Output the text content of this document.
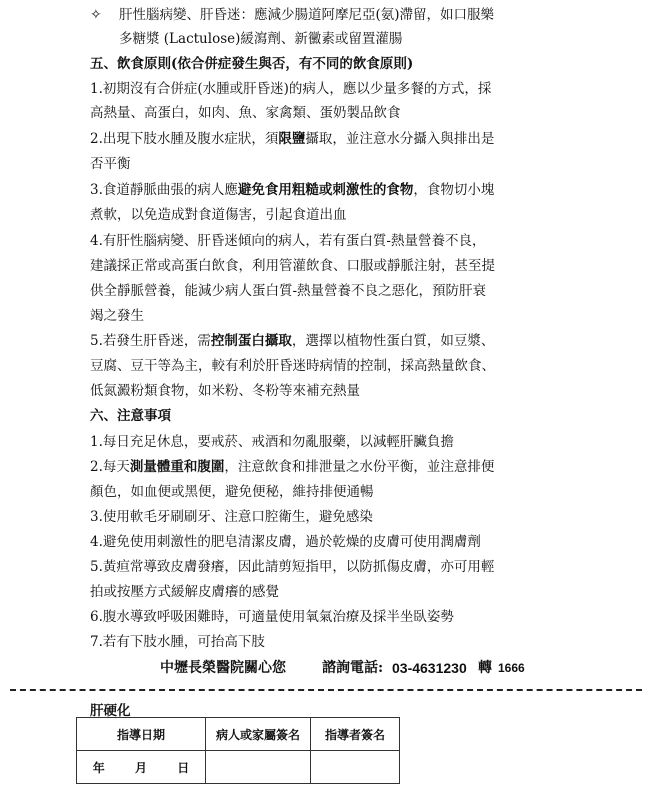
✧ 肝性腦病變、肝昏迷：應減少腸道阿摩尼亞(氨)滯留，如口服樂
多糖漿 (Lactulose)緩瀉劑、新黴素或留置灌腸
五、飲食原則(依合併症發生與否，有不同的飲食原則)
1.初期沒有合併症(水腫或肝昏迷)的病人，應以少量多餐的方式，採
高熱量、高蛋白，如肉、魚、家禽類、蛋奶製品飲食
2.出現下肢水腫及腹水症狀，須限鹽攝取，並注意水分攝入與排出是
否平衡
3.食道靜脈曲張的病人應避免食用粗糙或刺激性的食物，食物切小塊
煮軟，以免造成對食道傷害，引起食道出血
4.有肝性腦病變、肝昏迷傾向的病人，若有蛋白質-熱量營養不良，
建議採正常或高蛋白飲食，利用管灌飲食、口服或靜脈注射，甚至提
供全靜脈營養，能減少病人蛋白質-熱量營養不良之惡化，預防肝衰
竭之發生
5.若發生肝昏迷，需控制蛋白攝取，選擇以植物性蛋白質，如豆漿、
豆腐、豆干等為主，較有利於肝昏迷時病情的控制，採高熱量飲食、
低氮澱粉類食物，如米粉、冬粉等來補充熱量
六、注意事項
1.每日充足休息，要戒菸、戒酒和勿亂服藥，以減輕肝臟負擔
2.每天測量體重和腹圍，注意飲食和排泄量之水份平衡，並注意排便
顏色，如血便或黑便，避免便秘，維持排便通暢
3.使用軟毛牙刷刷牙、注意口腔衛生，避免感染
4.避免使用刺激性的肥皂清潔皮膚，過於乾燥的皮膚可使用潤膚劑
5.黃疸常導致皮膚發癢，因此請剪短指甲，以防抓傷皮膚，亦可用輕
拍或按壓方式緩解皮膚癢的感覺
6.腹水導致呼吸困難時，可適量使用氧氣治療及採半坐臥姿勢
7.若有下肢水腫，可抬高下肢
中壢長榮醫院關心您	諮詢電話: 03-4631230 轉 1666
肝硬化
指導日期	病人或家屬簽名	指導者簽名
年 月 日		
